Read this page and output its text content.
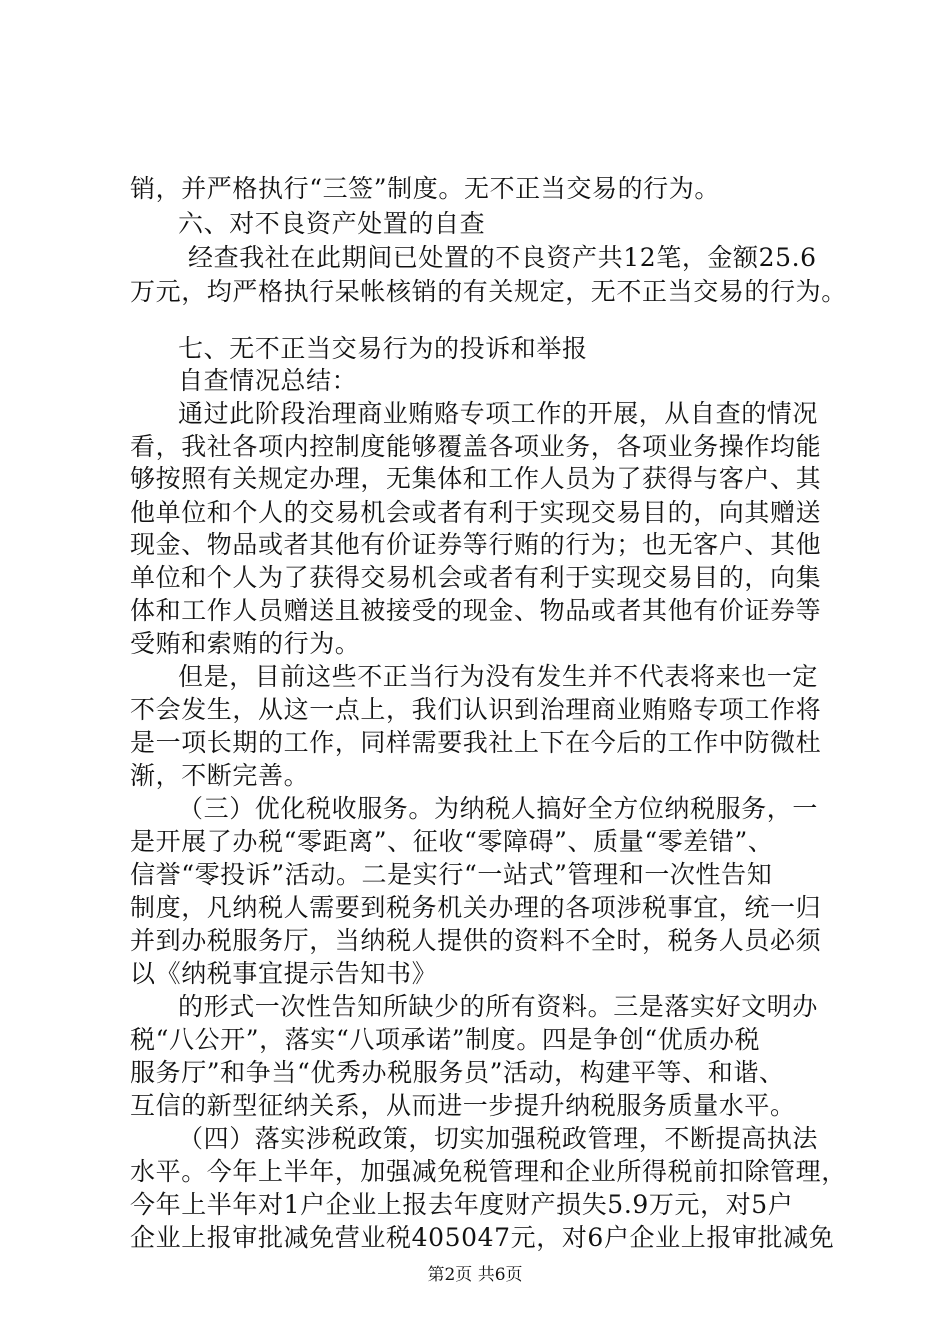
销，并严格执行“三签”制度。无不正当交易的行为。
六、对不良资产处置的自查
经查我社在此期间已处置的不良资产共12笔，金额25.6
万元，均严格执行呆帐核销的有关规定，无不正当交易的行为。
七、无不正当交易行为的投诉和举报
自查情况总结：
通过此阶段治理商业贿赂专项工作的开展，从自查的情况
看，我社各项内控制度能够覆盖各项业务，各项业务操作均能
够按照有关规定办理，无集体和工作人员为了获得与客户、其
他单位和个人的交易机会或者有利于实现交易目的，向其赠送
现金、物品或者其他有价证券等行贿的行为；也无客户、其他
单位和个人为了获得交易机会或者有利于实现交易目的，向集
体和工作人员赠送且被接受的现金、物品或者其他有价证券等
受贿和索贿的行为。
但是，目前这些不正当行为没有发生并不代表将来也一定
不会发生，从这一点上，我们认识到治理商业贿赂专项工作将
是一项长期的工作，同样需要我社上下在今后的工作中防微杜
渐，不断完善。
（三）优化税收服务。为纳税人搞好全方位纳税服务，一
是开展了办税“零距离”、征收“零障碍”、质量“零差错”、
信誉“零投诉”活动。二是实行“一站式”管理和一次性告知
制度，凡纳税人需要到税务机关办理的各项涉税事宜，统一归
并到办税服务厅，当纳税人提供的资料不全时，税务人员必须
以《纳税事宜提示告知书》
的形式一次性告知所缺少的所有资料。三是落实好文明办
税“八公开”，落实“八项承诺”制度。四是争创“优质办税
服务厅”和争当“优秀办税服务员”活动，构建平等、和谐、
互信的新型征纳关系，从而进一步提升纳税服务质量水平。
（四）落实涉税政策，切实加强税政管理，不断提高执法
水平。今年上半年，加强减免税管理和企业所得税前扣除管理，
今年上半年对1户企业上报去年度财产损失5.9万元，对5户
企业上报审批减免营业税405047元，对6户企业上报审批减免
第2页 共6页
